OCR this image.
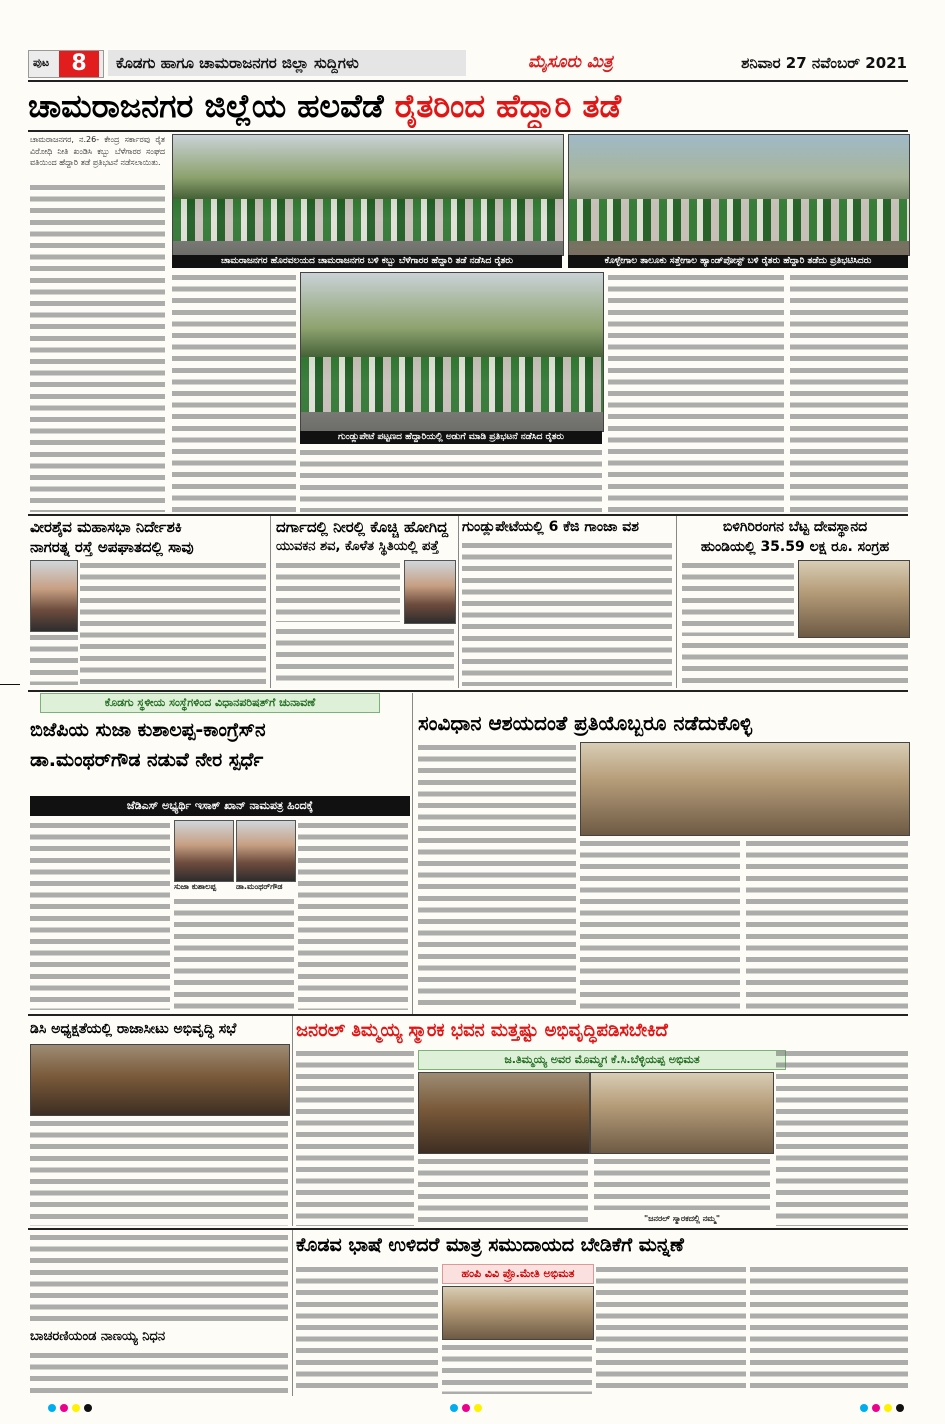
ಪುಟ	8	ಕೊಡಗು ಹಾಗೂ ಚಾಮರಾಜನಗರ ಜಿಲ್ಲಾ ಸುದ್ದಿಗಳು	ಮೈಸೂರು ಮಿತ್ರ	ಶನಿವಾರ 27 ನವೆಂಬರ್ 2021
ಚಾಮರಾಜನಗರ ಜಿಲ್ಲೆಯ ಹಲವೆಡೆ ರೈತರಿಂದ ಹೆದ್ದಾರಿ ತಡೆ
ಚಾಮರಾಜನಗರ, ನ.26- ಕೇಂದ್ರ ಸರ್ಕಾರವು ರೈತ ವಿರೋಧಿ ನೀತಿ ಖಂಡಿಸಿ ಕಬ್ಬು ಬೆಳೆಗಾರರ ಸಂಘದ ವತಿಯಿಂದ ಹೆದ್ದಾರಿ ತಡೆ ಪ್ರತಿಭಟನೆ ನಡೆಸಲಾಯಿತು.
ಚಾಮರಾಜನಗರ ಹೊರವಲಯದ ಚಾಮರಾಜನಗರ ಬಳಿ ಕಬ್ಬು ಬೆಳೆಗಾರರ ಹೆದ್ದಾರಿ ತಡೆ ನಡೆಸಿದ ರೈತರು	ಕೊಳ್ಳೇಗಾಲ ತಾಲೂಕು ಸತ್ತೇಗಾಲ ಹ್ಯಾಂಡ್‌ಪೋಸ್ಟ್ ಬಳಿ ರೈತರು ಹೆದ್ದಾರಿ ತಡೆದು ಪ್ರತಿಭಟಿಸಿದರು
ಗುಂಡ್ಲುಪೇಟೆ ಪಟ್ಟಣದ ಹೆದ್ದಾರಿಯಲ್ಲಿ ಅಡುಗೆ ಮಾಡಿ ಪ್ರತಿಭಟನೆ ನಡೆಸಿದ ರೈತರು
ವೀರಶೈವ ಮಹಾಸಭಾ ನಿರ್ದೇಶಕಿ
ನಾಗರತ್ನ ರಸ್ತೆ ಅಪಘಾತದಲ್ಲಿ ಸಾವು
ದರ್ಗಾದಲ್ಲಿ ನೀರಲ್ಲಿ ಕೊಚ್ಚಿ ಹೋಗಿದ್ದ
ಯುವಕನ ಶವ, ಕೊಳೆತ ಸ್ಥಿತಿಯಲ್ಲಿ ಪತ್ತೆ
ಗುಂಡ್ಲುಪೇಟೆಯಲ್ಲಿ 6 ಕೆಜಿ ಗಾಂಜಾ ವಶ	ಬಿಳಿಗಿರಿರಂಗನ ಬೆಟ್ಟ ದೇವಸ್ಥಾನದ
ಹುಂಡಿಯಲ್ಲಿ 35.59 ಲಕ್ಷ ರೂ. ಸಂಗ್ರಹ
ಕೊಡಗು ಸ್ಥಳೀಯ ಸಂಸ್ಥೆಗಳಿಂದ ವಿಧಾನಪರಿಷತ್‌ಗೆ ಚುನಾವಣೆ
ಬಿಜೆಪಿಯ ಸುಜಾ ಕುಶಾಲಪ್ಪ-ಕಾಂಗ್ರೆಸ್‌ನ
ಡಾ.ಮಂಥರ್‌ಗೌಡ ನಡುವೆ ನೇರ ಸ್ಪರ್ಧೆ
ಜೆಡಿಎಸ್ ಅಭ್ಯರ್ಥಿ ಇಸಾಕ್ ಖಾನ್ ನಾಮಪತ್ರ ಹಿಂದಕ್ಕೆ
ಸುಜಾ ಕುಶಾಲಪ್ಪ	ಡಾ.ಮಂಥರ್‌ಗೌಡ
ಸಂವಿಧಾನ ಆಶಯದಂತೆ ಪ್ರತಿಯೊಬ್ಬರೂ ನಡೆದುಕೊಳ್ಳಿ
ಡಿಸಿ ಅಧ್ಯಕ್ಷತೆಯಲ್ಲಿ ರಾಜಾಸೀಟು ಅಭಿವೃದ್ಧಿ ಸಭೆ	ಜನರಲ್ ತಿಮ್ಮಯ್ಯ ಸ್ಮಾರಕ ಭವನ ಮತ್ತಷ್ಟು ಅಭಿವೃದ್ಧಿಪಡಿಸಬೇಕಿದೆ
ಜ.ತಿಮ್ಮಯ್ಯ ಅವರ ಮೊಮ್ಮಗ ಕೆ.ಸಿ.ಬೆಳ್ಳಿಯಪ್ಪ ಅಭಿಮತ
"ಜನರಲ್ ಸ್ಮಾರಕದಲ್ಲಿ ನಮ್ಮ"
ಬಾಚರಣಿಯಂಡ ನಾಣಯ್ಯ ನಿಧನ
ಕೊಡವ ಭಾಷೆ ಉಳಿದರೆ ಮಾತ್ರ ಸಮುದಾಯದ ಬೇಡಿಕೆಗೆ ಮನ್ನಣೆ
ಹಂಪಿ ವಿವಿ ಪ್ರೊ.ಮೇತಿ ಅಭಿಮತ
